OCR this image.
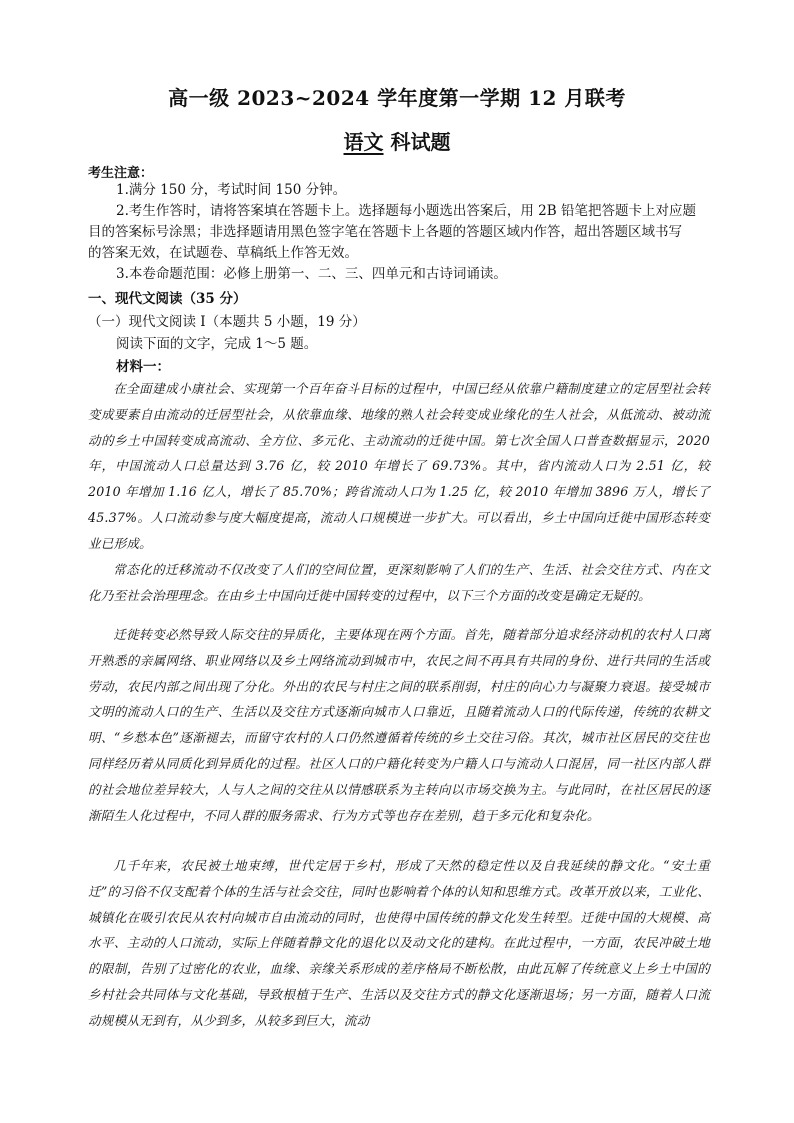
高一级 2023~2024 学年度第一学期 12 月联考
语文 科试题
考生注意：
1.满分 150 分，考试时间 150 分钟。
2.考生作答时，请将答案填在答题卡上。选择题每小题选出答案后，用 2B 铅笔把答题卡上对应题
目的答案标号涂黑；非选择题请用黑色签字笔在答题卡上各题的答题区域内作答，超出答题区域书写
的答案无效，在试题卷、草稿纸上作答无效。
3.本卷命题范围：必修上册第一、二、三、四单元和古诗词诵读。
一、现代文阅读（35 分）
（一）现代文阅读 I（本题共 5 小题，19 分）
阅读下面的文字，完成 1～5 题。
材料一：

在全面建成小康社会、实现第一个百年奋斗目标的过程中，中国已经从依靠户籍制度建立的定居型社会转变成要素自由流动的迁居型社会，从依靠血缘、地缘的熟人社会转变成业缘化的生人社会，从低流动、被动流动的乡土中国转变成高流动、全方位、多元化、主动流动的迁徙中国。第七次全国人口普查数据显示，2020 年，中国流动人口总量达到 3.76 亿，较 2010 年增长了 69.73%。其中，省内流动人口为 2.51 亿，较 2010 年增加 1.16 亿人，增长了 85.70%；跨省流动人口为 1.25 亿，较 2010 年增加 3896 万人，增长了 45.37%。人口流动参与度大幅度提高，流动人口规模进一步扩大。可以看出，乡土中国向迁徙中国形态转变业已形成。

常态化的迁移流动不仅改变了人们的空间位置，更深刻影响了人们的生产、生活、社会交往方式、内在文化乃至社会治理理念。在由乡土中国向迁徙中国转变的过程中，以下三个方面的改变是确定无疑的。

迁徙转变必然导致人际交往的异质化，主要体现在两个方面。首先，随着部分追求经济动机的农村人口离开熟悉的亲属网络、职业网络以及乡土网络流动到城市中，农民之间不再具有共同的身份、进行共同的生活或劳动，农民内部之间出现了分化。外出的农民与村庄之间的联系削弱，村庄的向心力与凝聚力衰退。接受城市文明的流动人口的生产、生活以及交往方式逐渐向城市人口靠近，且随着流动人口的代际传递，传统的农耕文明、“乡愁本色”逐渐褪去，而留守农村的人口仍然遵循着传统的乡土交往习俗。其次，城市社区居民的交往也同样经历着从同质化到异质化的过程。社区人口的户籍化转变为户籍人口与流动人口混居，同一社区内部人群的社会地位差异较大，人与人之间的交往从以情感联系为主转向以市场交换为主。与此同时，在社区居民的逐渐陌生人化过程中，不同人群的服务需求、行为方式等也存在差别，趋于多元化和复杂化。

几千年来，农民被土地束缚，世代定居于乡村，形成了天然的稳定性以及自我延续的静文化。“安土重迁”的习俗不仅支配着个体的生活与社会交往，同时也影响着个体的认知和思维方式。改革开放以来，工业化、城镇化在吸引农民从农村向城市自由流动的同时，也使得中国传统的静文化发生转型。迁徙中国的大规模、高水平、主动的人口流动，实际上伴随着静文化的退化以及动文化的建构。在此过程中，一方面，农民冲破土地的限制，告别了过密化的农业，血缘、亲缘关系形成的差序格局不断松散，由此瓦解了传统意义上乡土中国的乡村社会共同体与文化基础，导致根植于生产、生活以及交往方式的静文化逐渐退场；另一方面，随着人口流动规模从无到有，从少到多，从较多到巨大，流动
